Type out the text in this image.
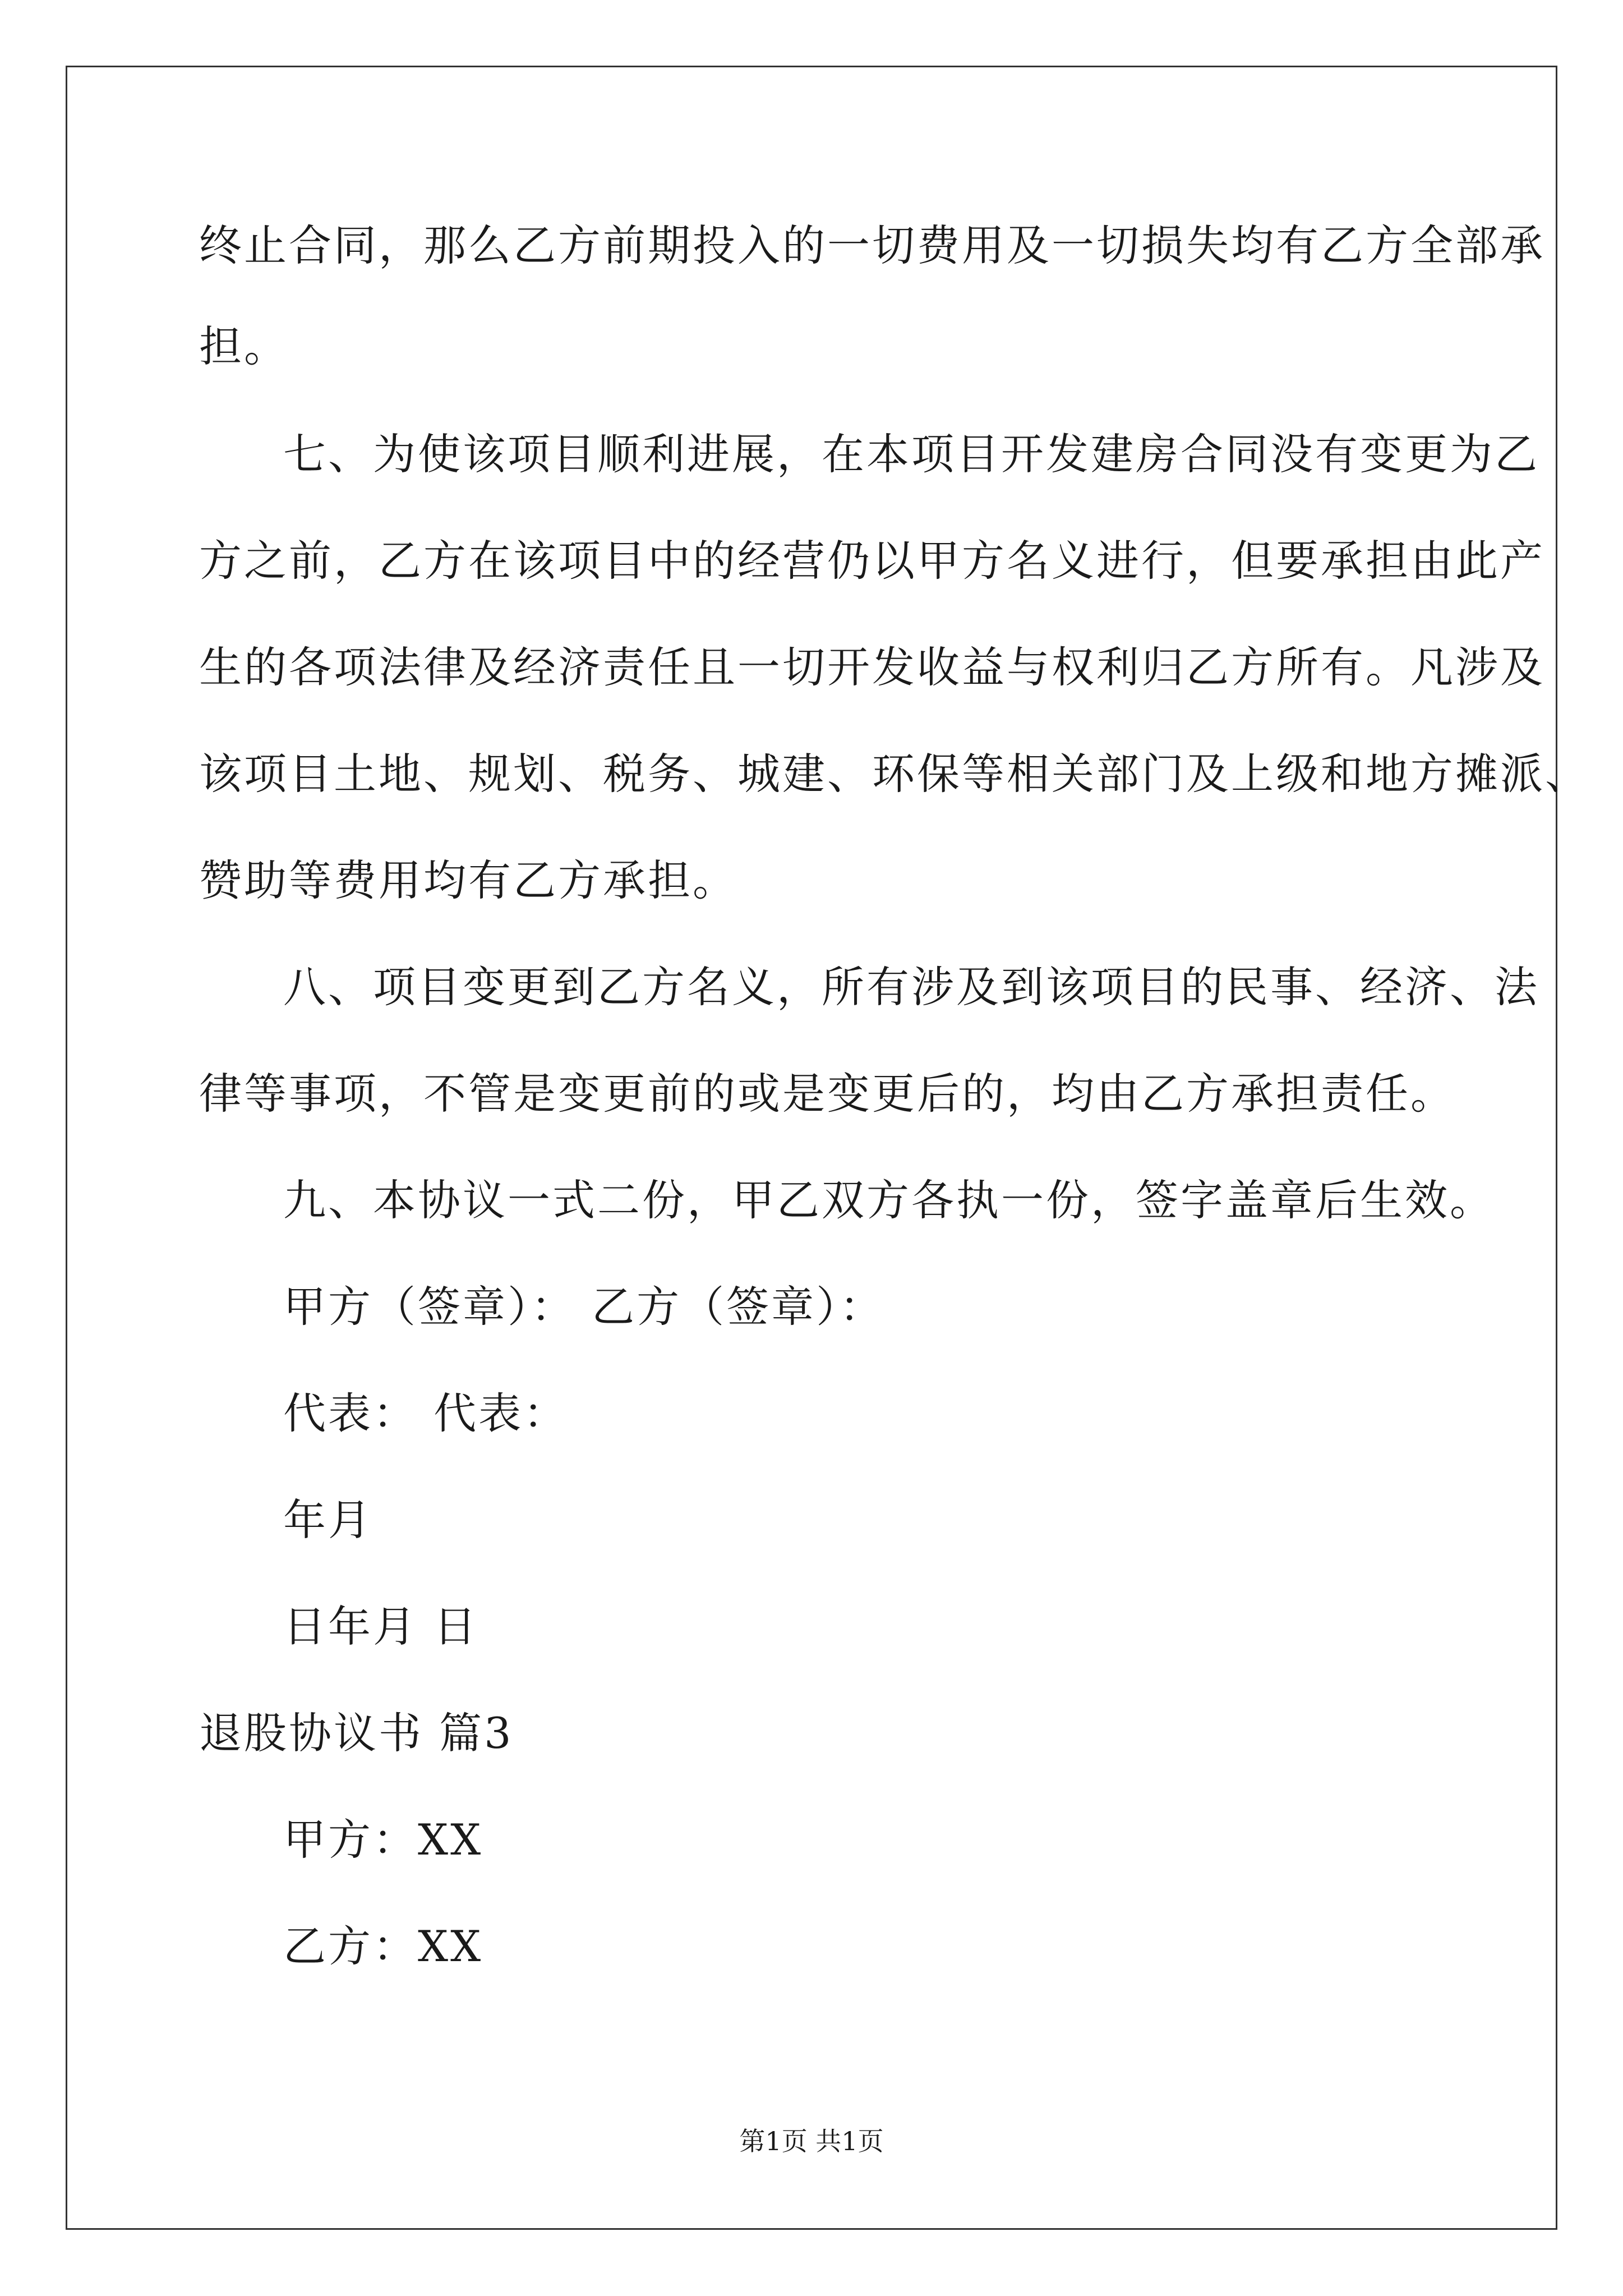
终止合同，那么乙方前期投入的一切费用及一切损失均有乙方全部承
担。
七、为使该项目顺利进展，在本项目开发建房合同没有变更为乙
方之前，乙方在该项目中的经营仍以甲方名义进行，但要承担由此产
生的各项法律及经济责任且一切开发收益与权利归乙方所有。凡涉及
该项目土地、规划、税务、城建、环保等相关部门及上级和地方摊派、
赞助等费用均有乙方承担。
八、项目变更到乙方名义，所有涉及到该项目的民事、经济、法
律等事项，不管是变更前的或是变更后的，均由乙方承担责任。
九、本协议一式二份，甲乙双方各执一份，签字盖章后生效。
甲方（签章）： 乙方（签章）：
代表： 代表：
年月
日年月 日
退股协议书 篇3
甲方：XX
乙方：XX
第1页 共1页
